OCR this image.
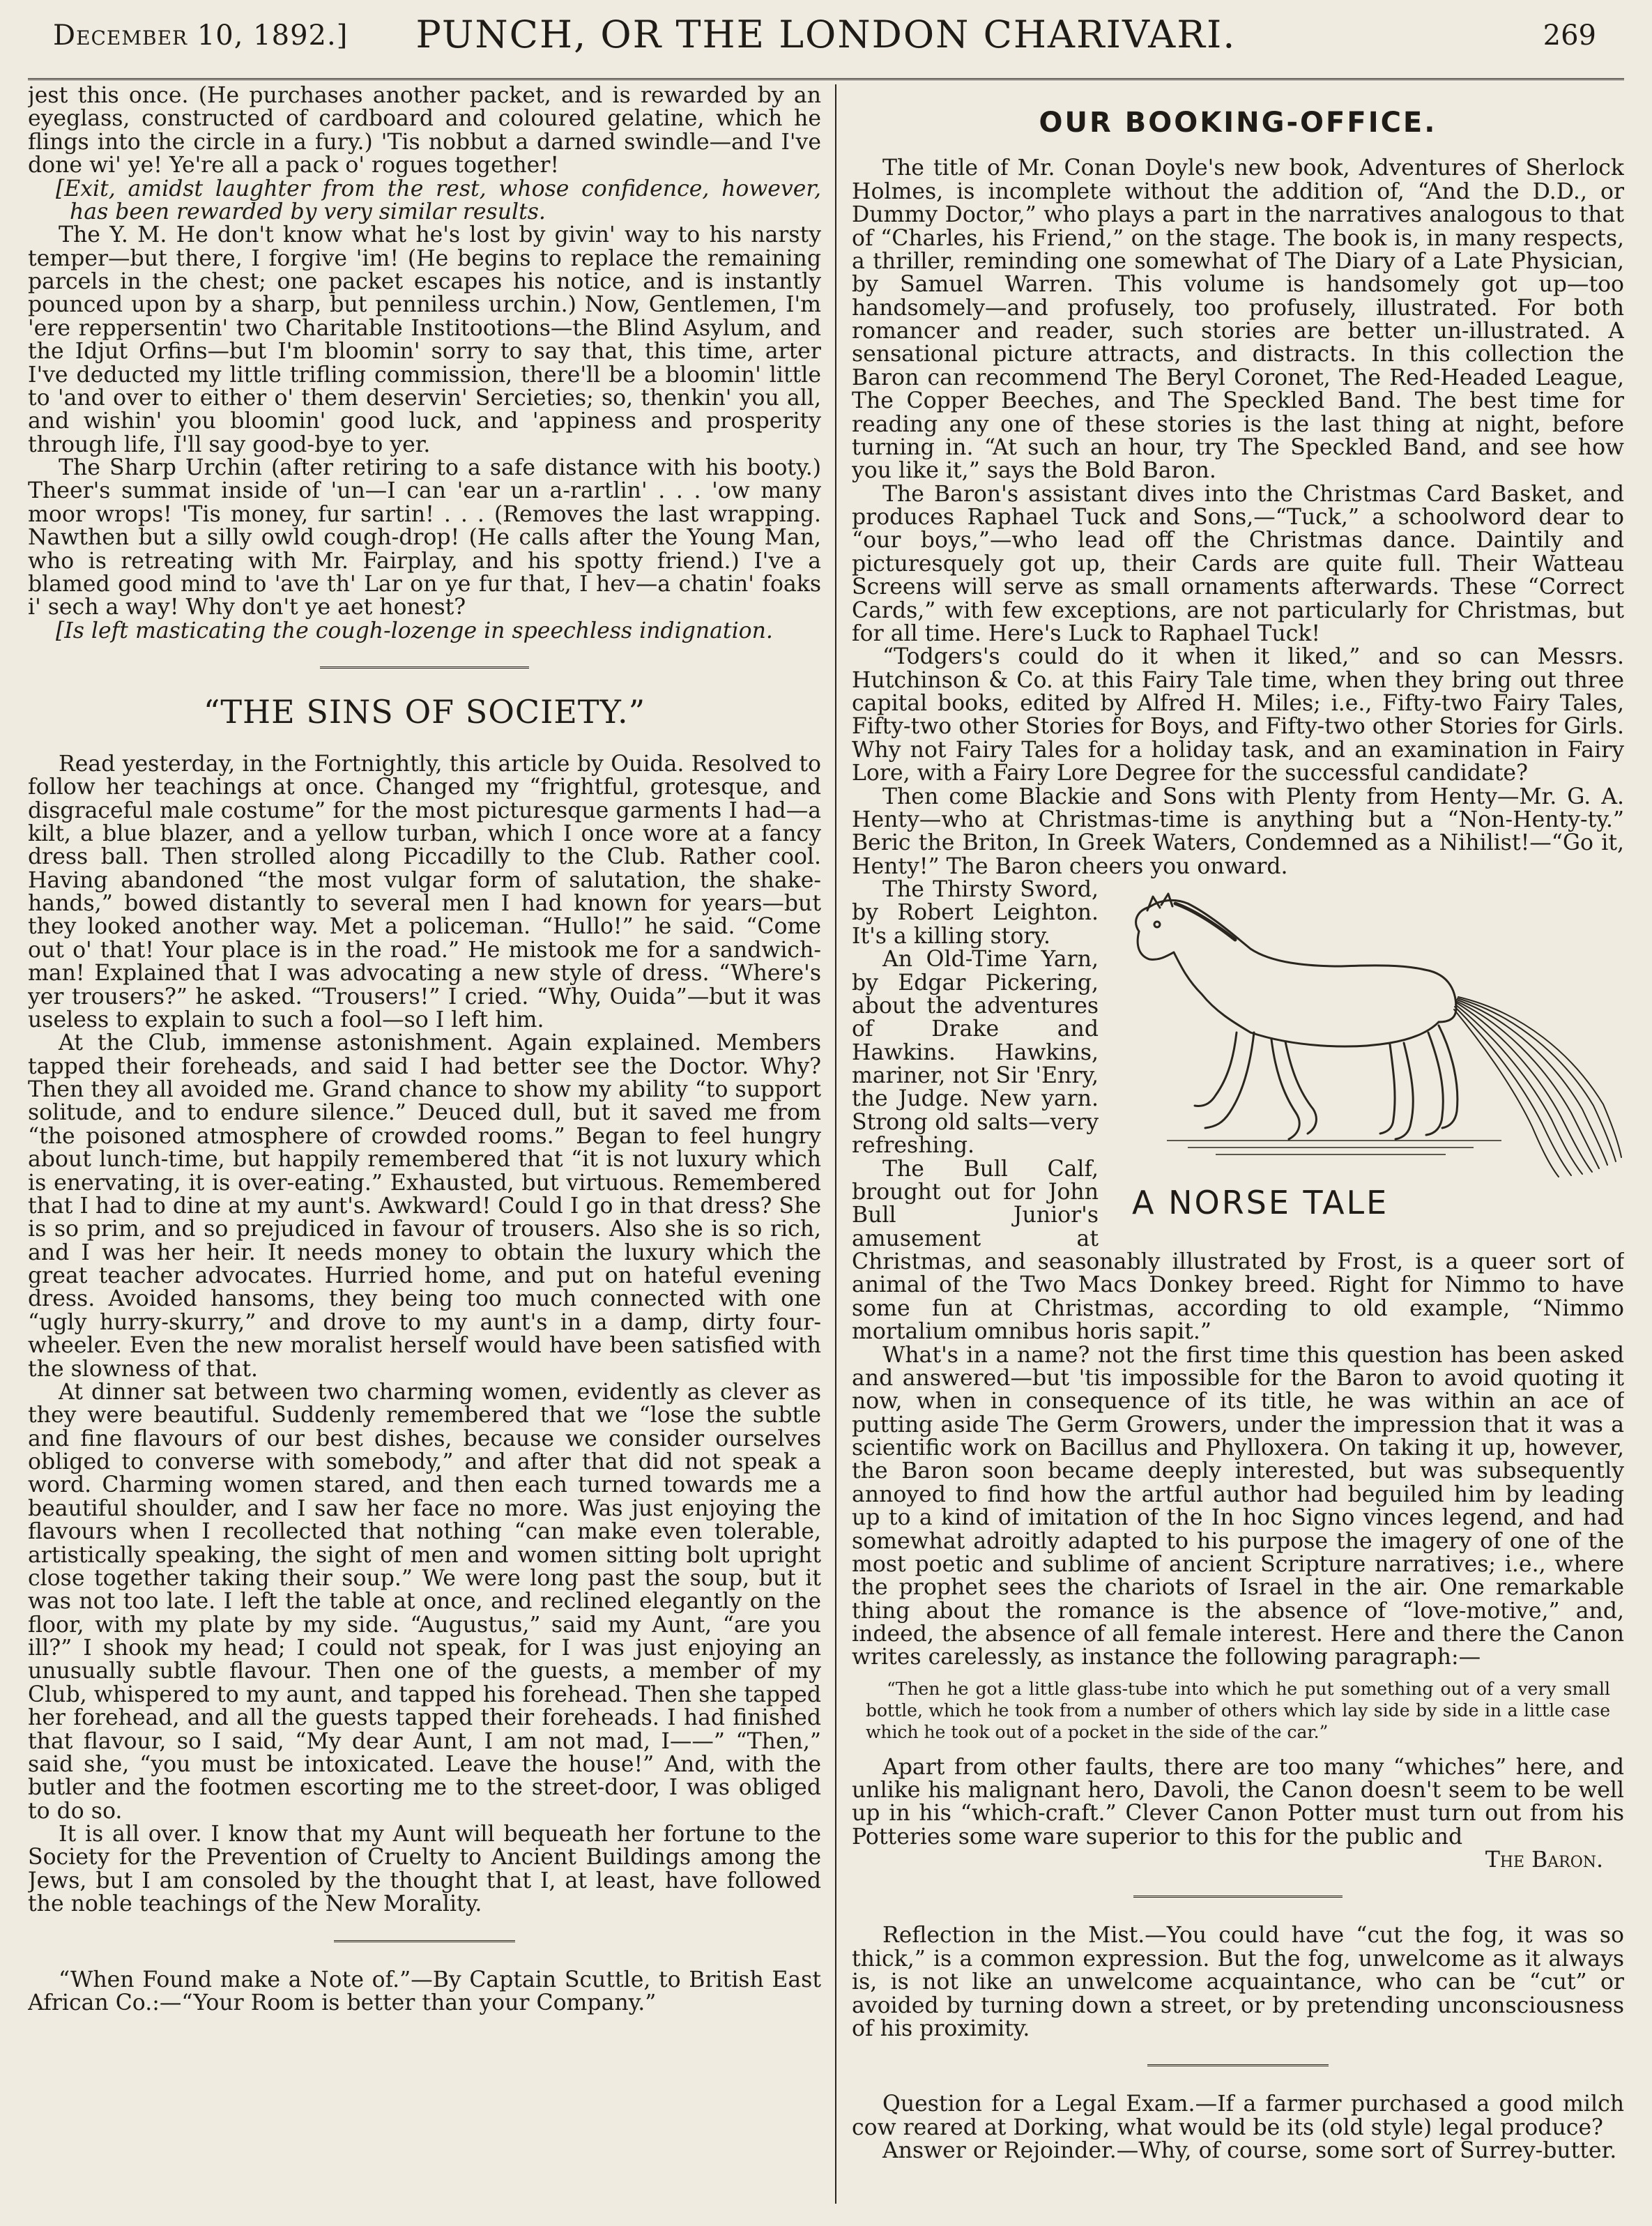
December 10, 1892.]	PUNCH, OR THE LONDON CHARIVARI.	269

jest this once. (He purchases another packet, and is rewarded by an eyeglass, constructed of cardboard and coloured gelatine, which he flings into the circle in a fury.) 'Tis nobbut a darned swindle—and I've done wi' ye! Ye're all a pack o' rogues together!

[Exit, amidst laughter from the rest, whose confidence, however, has been rewarded by very similar results.

The Y. M. He don't know what he's lost by givin' way to his narsty temper—but there, I forgive 'im! (He begins to replace the remaining parcels in the chest; one packet escapes his notice, and is instantly pounced upon by a sharp, but penniless urchin.) Now, Gentlemen, I'm 'ere reppersentin' two Charitable Institootions—the Blind Asylum, and the Idjut Orfins—but I'm bloomin' sorry to say that, this time, arter I've deducted my little trifling commission, there'll be a bloomin' little to 'and over to either o' them deservin' Sercieties; so, thenkin' you all, and wishin' you bloomin' good luck, and 'appiness and prosperity through life, I'll say good-bye to yer.

The Sharp Urchin (after retiring to a safe distance with his booty.) Theer's summat inside of 'un—I can 'ear un a-rartlin' . . . 'ow many moor wrops! 'Tis money, fur sartin! . . . (Removes the last wrapping. Nawthen but a silly owld cough-drop! (He calls after the Young Man, who is retreating with Mr. Fairplay, and his spotty friend.) I've a blamed good mind to 'ave th' Lar on ye fur that, I hev—a chatin' foaks i' sech a way! Why don't ye aet honest?

[Is left masticating the cough-lozenge in speechless indignation.

“THE SINS OF SOCIETY.”

Read yesterday, in the Fortnightly, this article by Ouida. Resolved to follow her teachings at once. Changed my “frightful, grotesque, and disgraceful male costume” for the most picturesque garments I had—a kilt, a blue blazer, and a yellow turban, which I once wore at a fancy dress ball. Then strolled along Piccadilly to the Club. Rather cool. Having abandoned “the most vulgar form of salutation, the shake-hands,” bowed distantly to several men I had known for years—but they looked another way. Met a policeman. “Hullo!” he said. “Come out o' that! Your place is in the road.” He mistook me for a sandwich-man! Explained that I was advocating a new style of dress. “Where's yer trousers?” he asked. “Trousers!” I cried. “Why, Ouida”—but it was useless to explain to such a fool—so I left him.

At the Club, immense astonishment. Again explained. Members tapped their foreheads, and said I had better see the Doctor. Why? Then they all avoided me. Grand chance to show my ability “to support solitude, and to endure silence.” Deuced dull, but it saved me from “the poisoned atmosphere of crowded rooms.” Began to feel hungry about lunch-time, but happily remembered that “it is not luxury which is enervating, it is over-eating.” Exhausted, but virtuous. Remembered that I had to dine at my aunt's. Awkward! Could I go in that dress? She is so prim, and so prejudiced in favour of trousers. Also she is so rich, and I was her heir. It needs money to obtain the luxury which the great teacher advocates. Hurried home, and put on hateful evening dress. Avoided hansoms, they being too much connected with one “ugly hurry-skurry,” and drove to my aunt's in a damp, dirty four-wheeler. Even the new moralist herself would have been satisfied with the slowness of that.

At dinner sat between two charming women, evidently as clever as they were beautiful. Suddenly remembered that we “lose the subtle and fine flavours of our best dishes, because we consider ourselves obliged to converse with somebody,” and after that did not speak a word. Charming women stared, and then each turned towards me a beautiful shoulder, and I saw her face no more. Was just enjoying the flavours when I recollected that nothing “can make even tolerable, artistically speaking, the sight of men and women sitting bolt upright close together taking their soup.” We were long past the soup, but it was not too late. I left the table at once, and reclined elegantly on the floor, with my plate by my side. “Augustus,” said my Aunt, “are you ill?” I shook my head; I could not speak, for I was just enjoying an unusually subtle flavour. Then one of the guests, a member of my Club, whispered to my aunt, and tapped his forehead. Then she tapped her forehead, and all the guests tapped their foreheads. I had finished that flavour, so I said, “My dear Aunt, I am not mad, I——” “Then,” said she, “you must be intoxicated. Leave the house!” And, with the butler and the footmen escorting me to the street-door, I was obliged to do so.

It is all over. I know that my Aunt will bequeath her fortune to the Society for the Prevention of Cruelty to Ancient Buildings among the Jews, but I am consoled by the thought that I, at least, have followed the noble teachings of the New Morality.

“When Found make a Note of.”—By Captain Scuttle, to British East African Co.:—“Your Room is better than your Company.”

OUR BOOKING-OFFICE.

The title of Mr. Conan Doyle's new book, Adventures of Sherlock Holmes, is incomplete without the addition of, “And the D.D., or Dummy Doctor,” who plays a part in the narratives analogous to that of “Charles, his Friend,” on the stage. The book is, in many respects, a thriller, reminding one somewhat of The Diary of a Late Physician, by Samuel Warren. This volume is handsomely got up—too handsomely—and profusely, too profusely, illustrated. For both romancer and reader, such stories are better un-illustrated. A sensational picture attracts, and distracts. In this collection the Baron can recommend The Beryl Coronet, The Red-Headed League, The Copper Beeches, and The Speckled Band. The best time for reading any one of these stories is the last thing at night, before turning in. “At such an hour, try The Speckled Band, and see how you like it,” says the Bold Baron.

The Baron's assistant dives into the Christmas Card Basket, and produces Raphael Tuck and Sons,—“Tuck,” a schoolword dear to “our boys,”—who lead off the Christmas dance. Daintily and picturesquely got up, their Cards are quite full. Their Watteau Screens will serve as small ornaments afterwards. These “Correct Cards,” with few exceptions, are not particularly for Christmas, but for all time. Here's Luck to Raphael Tuck!

“Todgers's could do it when it liked,” and so can Messrs. Hutchinson & Co. at this Fairy Tale time, when they bring out three capital books, edited by Alfred H. Miles; i.e., Fifty-two Fairy Tales, Fifty-two other Stories for Boys, and Fifty-two other Stories for Girls. Why not Fairy Tales for a holiday task, and an examination in Fairy Lore, with a Fairy Lore Degree for the successful candidate?

Then come Blackie and Sons with Plenty from Henty—Mr. G. A. Henty—who at Christmas-time is anything but a “Non-Henty-ty.” Beric the Briton, In Greek Waters, Condemned as a Nihilist!—“Go it, Henty!” The Baron cheers you onward.

A NORSE TALE

The Thirsty Sword, by Robert Leighton. It's a killing story.

An Old-Time Yarn, by Edgar Pickering, about the adventures of Drake and Hawkins. Hawkins, mariner, not Sir 'Enry, the Judge. New yarn. Strong old salts—very refreshing.

The Bull Calf, brought out for John Bull Junior's amusement at Christmas, and seasonably illustrated by Frost, is a queer sort of animal of the Two Macs Donkey breed. Right for Nimmo to have some fun at Christmas, according to old example, “Nimmo mortalium omnibus horis sapit.”

What's in a name? not the first time this question has been asked and answered—but 'tis impossible for the Baron to avoid quoting it now, when in consequence of its title, he was within an ace of putting aside The Germ Growers, under the impression that it was a scientific work on Bacillus and Phylloxera. On taking it up, however, the Baron soon became deeply interested, but was subsequently annoyed to find how the artful author had beguiled him by leading up to a kind of imitation of the In hoc Signo vinces legend, and had somewhat adroitly adapted to his purpose the imagery of one of the most poetic and sublime of ancient Scripture narratives; i.e., where the prophet sees the chariots of Israel in the air. One remarkable thing about the romance is the absence of “love-motive,” and, indeed, the absence of all female interest. Here and there the Canon writes carelessly, as instance the following paragraph:—

“Then he got a little glass-tube into which he put something out of a very small bottle, which he took from a number of others which lay side by side in a little case which he took out of a pocket in the side of the car.”

Apart from other faults, there are too many “whiches” here, and unlike his malignant hero, Davoli, the Canon doesn't seem to be well up in his “which-craft.” Clever Canon Potter must turn out from his Potteries some ware superior to this for the public and

The Baron.

Reflection in the Mist.—You could have “cut the fog, it was so thick,” is a common expression. But the fog, unwelcome as it always is, is not like an unwelcome acquaintance, who can be “cut” or avoided by turning down a street, or by pretending unconsciousness of his proximity.

Question for a Legal Exam.—If a farmer purchased a good milch cow reared at Dorking, what would be its (old style) legal produce?

Answer or Rejoinder.—Why, of course, some sort of Surrey-butter.
